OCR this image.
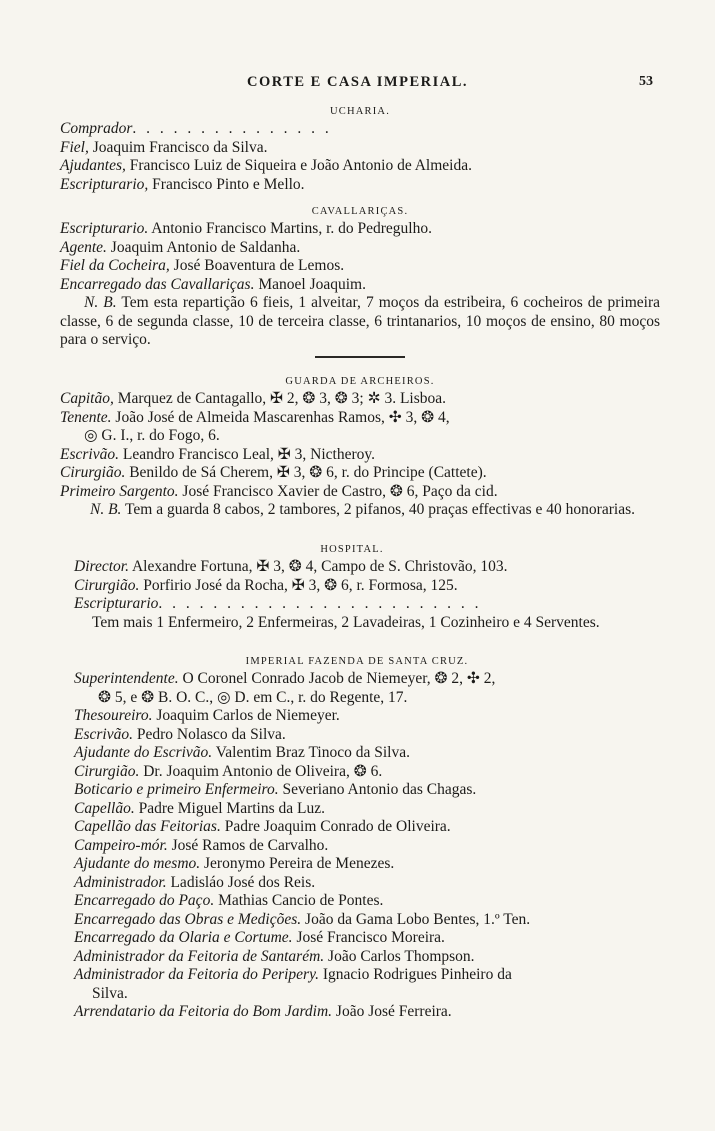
CORTE E CASA IMPERIAL.	53
UCHARIA.
Comprador. . . . . . . . . . . . . . .
Fiel, Joaquim Francisco da Silva.
Ajudantes, Francisco Luiz de Siqueira e João Antonio de Almeida.
Escripturario, Francisco Pinto e Mello.
CAVALLARIÇAS.
Escripturario. Antonio Francisco Martins, r. do Pedregulho.
Agente. Joaquim Antonio de Saldanha.
Fiel da Cocheira, José Boaventura de Lemos.
Encarregado das Cavallariças. Manoel Joaquim.
N. B. Tem esta repartição 6 fieis, 1 alveitar, 7 moços da estribeira, 6 cocheiros de primeira classe, 6 de segunda classe, 10 de terceira classe, 6 trintanarios, 10 moços de ensino, 80 moços para o serviço.
GUARDA DE ARCHEIROS.
Capitão, Marquez de Cantagallo, ✠ 2, ❂ 3, ❂ 3; ✲ 3. Lisboa.
Tenente. João José de Almeida Mascarenhas Ramos, ✣ 3, ❂ 4,
◎ G. I., r. do Fogo, 6.
Escrivão. Leandro Francisco Leal, ✠ 3, Nictheroy.
Cirurgião. Benildo de Sá Cherem, ✠ 3, ❂ 6, r. do Principe (Cattete).
Primeiro Sargento. José Francisco Xavier de Castro, ❂ 6, Paço da cid.
N. B. Tem a guarda 8 cabos, 2 tambores, 2 pifanos, 40 praças effectivas e 40 honorarias.
HOSPITAL.
Director. Alexandre Fortuna, ✠ 3, ❂ 4, Campo de S. Christovão, 103.
Cirurgião. Porfirio José da Rocha, ✠ 3, ❂ 6, r. Formosa, 125.
Escripturario. . . . . . . . . . . . . . . . . . . . . . . .
Tem mais 1 Enfermeiro, 2 Enfermeiras, 2 Lavadeiras, 1 Cozinheiro e 4 Serventes.
IMPERIAL FAZENDA DE SANTA CRUZ.
Superintendente. O Coronel Conrado Jacob de Niemeyer, ❂ 2, ✣ 2,
❂ 5, e ❂ B. O. C., ◎ D. em C., r. do Regente, 17.
Thesoureiro. Joaquim Carlos de Niemeyer.
Escrivão. Pedro Nolasco da Silva.
Ajudante do Escrivão. Valentim Braz Tinoco da Silva.
Cirurgião. Dr. Joaquim Antonio de Oliveira, ❂ 6.
Boticario e primeiro Enfermeiro. Severiano Antonio das Chagas.
Capellão. Padre Miguel Martins da Luz.
Capellão das Feitorias. Padre Joaquim Conrado de Oliveira.
Campeiro-mór. José Ramos de Carvalho.
Ajudante do mesmo. Jeronymo Pereira de Menezes.
Administrador. Ladisláo José dos Reis.
Encarregado do Paço. Mathias Cancio de Pontes.
Encarregado das Obras e Medições. João da Gama Lobo Bentes, 1.º Ten.
Encarregado da Olaria e Cortume. José Francisco Moreira.
Administrador da Feitoria de Santarém. João Carlos Thompson.
Administrador da Feitoria do Peripery. Ignacio Rodrigues Pinheiro da
Silva.
Arrendatario da Feitoria do Bom Jardim. João José Ferreira.
